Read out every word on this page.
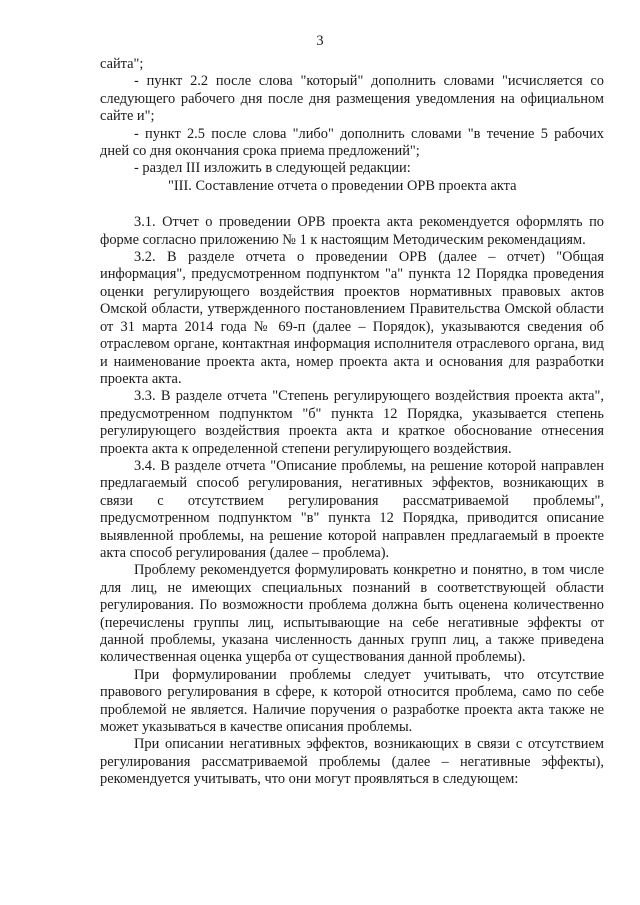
3

сайта";

- пункт 2.2 после слова "который" дополнить словами "исчисляется со следующего рабочего дня после дня размещения уведомления на официальном сайте и";

- пункт 2.5 после слова "либо" дополнить словами "в течение 5 рабочих дней со дня окончания срока приема предложений";

- раздел III изложить в следующей редакции:

"III. Составление отчета о проведении ОРВ проекта акта

3.1. Отчет о проведении ОРВ проекта акта рекомендуется оформлять по форме согласно приложению № 1 к настоящим Методическим рекомендациям.

3.2. В разделе отчета о проведении ОРВ (далее – отчет) "Общая информация", предусмотренном подпунктом "а" пункта 12 Порядка проведения оценки регулирующего воздействия проектов нормативных правовых актов Омской области, утвержденного постановлением Правительства Омской области от 31 марта 2014 года № 69-п (далее – Порядок), указываются сведения об отраслевом органе, контактная информация исполнителя отраслевого органа, вид и наименование проекта акта, номер проекта акта и основания для разработки проекта акта.

3.3. В разделе отчета "Степень регулирующего воздействия проекта акта", предусмотренном подпунктом "б" пункта 12 Порядка, указывается степень регулирующего воздействия проекта акта и краткое обоснование отнесения проекта акта к определенной степени регулирующего воздействия.

3.4. В разделе отчета "Описание проблемы, на решение которой направлен предлагаемый способ регулирования, негативных эффектов, возникающих в связи с отсутствием регулирования рассматриваемой проблемы", предусмотренном подпунктом "в" пункта 12 Порядка, приводится описание выявленной проблемы, на решение которой направлен предлагаемый в проекте акта способ регулирования (далее – проблема).

Проблему рекомендуется формулировать конкретно и понятно, в том числе для лиц, не имеющих специальных познаний в соответствующей области регулирования. По возможности проблема должна быть оценена количественно (перечислены группы лиц, испытывающие на себе негативные эффекты от данной проблемы, указана численность данных групп лиц, а также приведена количественная оценка ущерба от существования данной проблемы).

При формулировании проблемы следует учитывать, что отсутствие правового регулирования в сфере, к которой относится проблема, само по себе проблемой не является. Наличие поручения о разработке проекта акта также не может указываться в качестве описания проблемы.

При описании негативных эффектов, возникающих в связи с отсутствием регулирования рассматриваемой проблемы (далее – негативные эффекты), рекомендуется учитывать, что они могут проявляться в следующем:
